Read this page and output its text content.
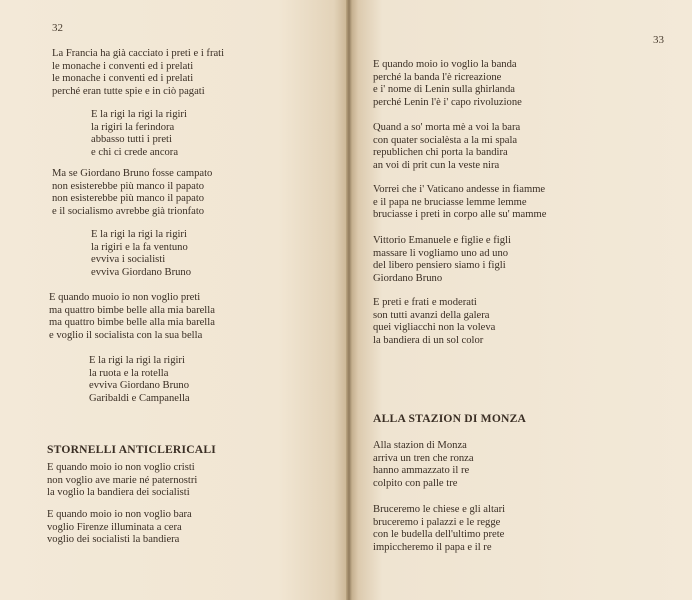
32
La Francia ha già cacciato i preti e i frati
le monache i conventi ed i prelati
le monache i conventi ed i prelati
perché eran tutte spie e in ciò pagati
E la rigi la rigi la rigiri
la rigiri la ferindora
abbasso tutti i preti
e chi ci crede ancora
Ma se Giordano Bruno fosse campato
non esisterebbe più manco il papato
non esisterebbe più manco il papato
e il socialismo avrebbe già trionfato
E la rigi la rigi la rigiri
la rigiri e la fa ventuno
evviva i socialisti
evviva Giordano Bruno
E quando muoio io non voglio preti
ma quattro bimbe belle alla mia barella
ma quattro bimbe belle alla mia barella
e voglio il socialista con la sua bella
E la rigi la rigi la rigiri
la ruota e la rotella
evviva Giordano Bruno
Garibaldi e Campanella
STORNELLI ANTICLERICALI
E quando moio io non voglio cristi
non voglio ave marie né paternostri
la voglio la bandiera dei socialisti
E quando moio io non voglio bara
voglio Firenze illuminata a cera
voglio dei socialisti la bandiera
33
E quando moio io voglio la banda
perché la banda l'è ricreazione
e i' nome di Lenin sulla ghirlanda
perché Lenin l'è i' capo rivoluzione
Quand a so' morta mè a voi la bara
con quater socialèsta a la mi spala
republichen chi porta la bandira
an voi di prit cun la veste nira
Vorrei che i' Vaticano andesse in fiamme
e il papa ne bruciasse lemme lemme
bruciasse i preti in corpo alle su' mamme
Vittorio Emanuele e figlie e figli
massare li vogliamo uno ad uno
del libero pensiero siamo i figli
Giordano Bruno
E preti e frati e moderati
son tutti avanzi della galera
quei vigliacchi non la voleva
la bandiera di un sol color
ALLA STAZION DI MONZA
Alla stazion di Monza
arriva un tren che ronza
hanno ammazzato il re
colpito con palle tre
Bruceremo le chiese e gli altari
bruceremo i palazzi e le regge
con le budella dell'ultimo prete
impiccheremo il papa e il re
